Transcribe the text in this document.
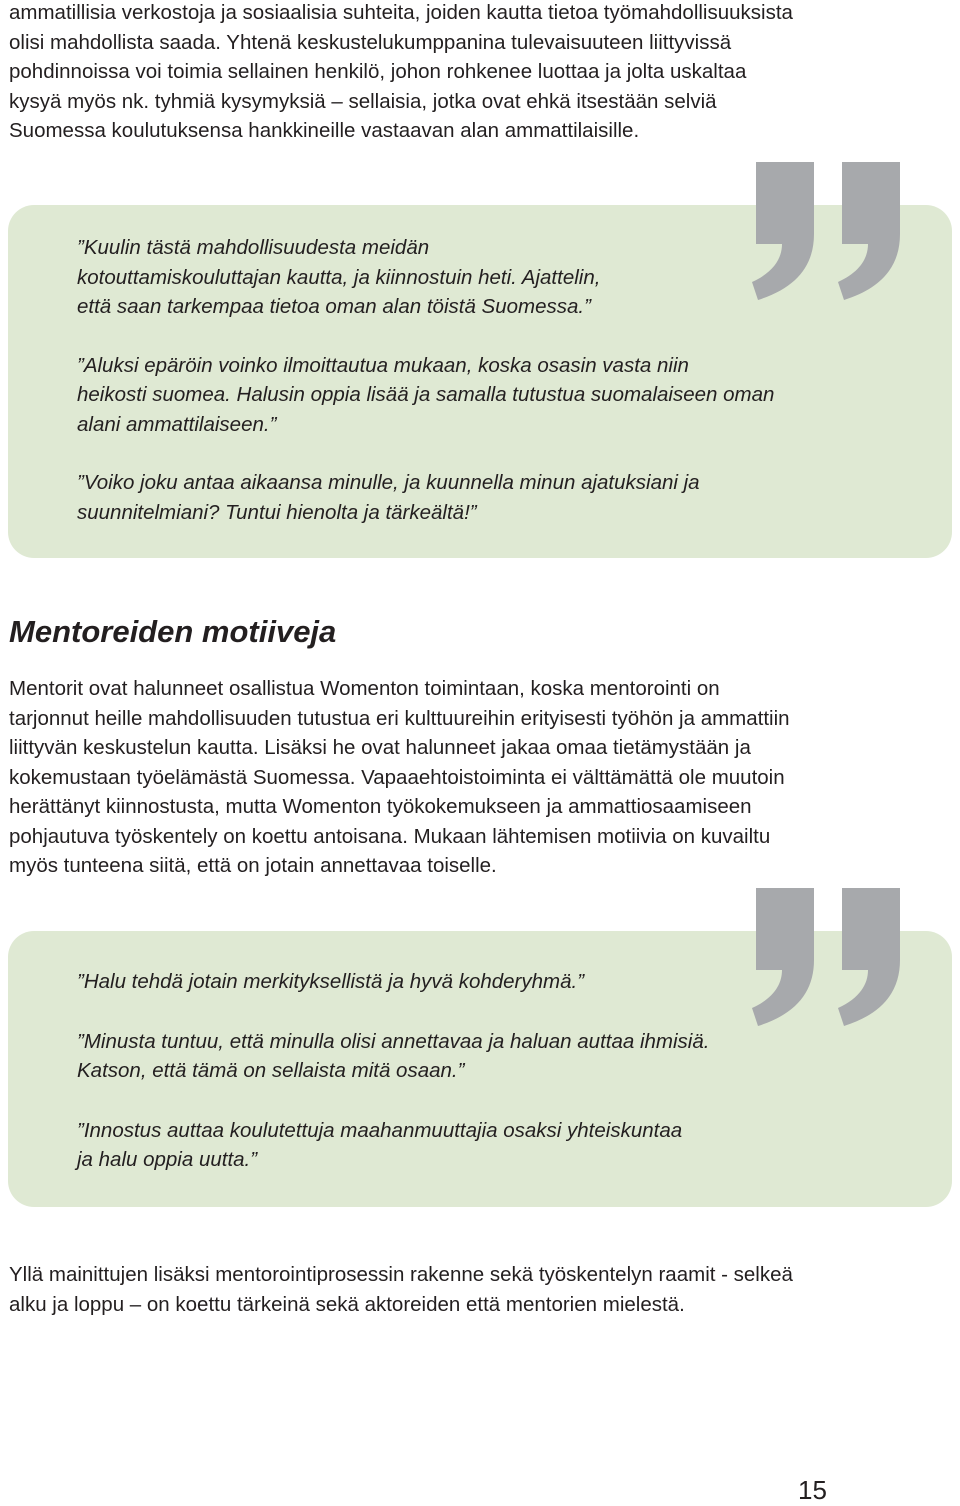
ammatillisia verkostoja ja sosiaalisia suhteita, joiden kautta tietoa työmahdollisuuksista
olisi mahdollista saada. Yhtenä keskustelukumppanina tulevaisuuteen liittyvissä
pohdinnoissa voi toimia sellainen henkilö, johon rohkenee luottaa ja jolta uskaltaa
kysyä myös nk. tyhmiä kysymyksiä – sellaisia, jotka ovat ehkä itsestään selviä
Suomessa koulutuksensa hankkineille vastaavan alan ammattilaisille.

”Kuulin tästä mahdollisuudesta meidän
kotouttamiskouluttajan kautta, ja kiinnostuin heti. Ajattelin,
että saan tarkempaa tietoa oman alan töistä Suomessa.”
”Aluksi epäröin voinko ilmoittautua mukaan, koska osasin vasta niin
heikosti suomea. Halusin oppia lisää ja samalla tutustua suomalaiseen oman
alani ammattilaiseen.”
”Voiko joku antaa aikaansa minulle, ja kuunnella minun ajatuksiani ja
suunnitelmiani? Tuntui hienolta ja tärkeältä!”
Mentoreiden motiiveja

Mentorit ovat halunneet osallistua Womenton toimintaan, koska mentorointi on
tarjonnut heille mahdollisuuden tutustua eri kulttuureihin erityisesti työhön ja ammattiin
liittyvän keskustelun kautta. Lisäksi he ovat halunneet jakaa omaa tietämystään ja
kokemustaan työelämästä Suomessa. Vapaaehtoistoiminta ei välttämättä ole muutoin
herättänyt kiinnostusta, mutta Womenton työkokemukseen ja ammattiosaamiseen
pohjautuva työskentely on koettu antoisana. Mukaan lähtemisen motiivia on kuvailtu
myös tunteena siitä, että on jotain annettavaa toiselle.

”Halu tehdä jotain merkityksellistä ja hyvä kohderyhmä.”
”Minusta tuntuu, että minulla olisi annettavaa ja haluan auttaa ihmisiä.
Katson, että tämä on sellaista mitä osaan.”
”Innostus auttaa koulutettuja maahanmuuttajia osaksi yhteiskuntaa
ja halu oppia uutta.”

Yllä mainittujen lisäksi mentorointiprosessin rakenne sekä työskentelyn raamit - selkeä
alku ja loppu – on koettu tärkeinä sekä aktoreiden että mentorien mielestä.

15
